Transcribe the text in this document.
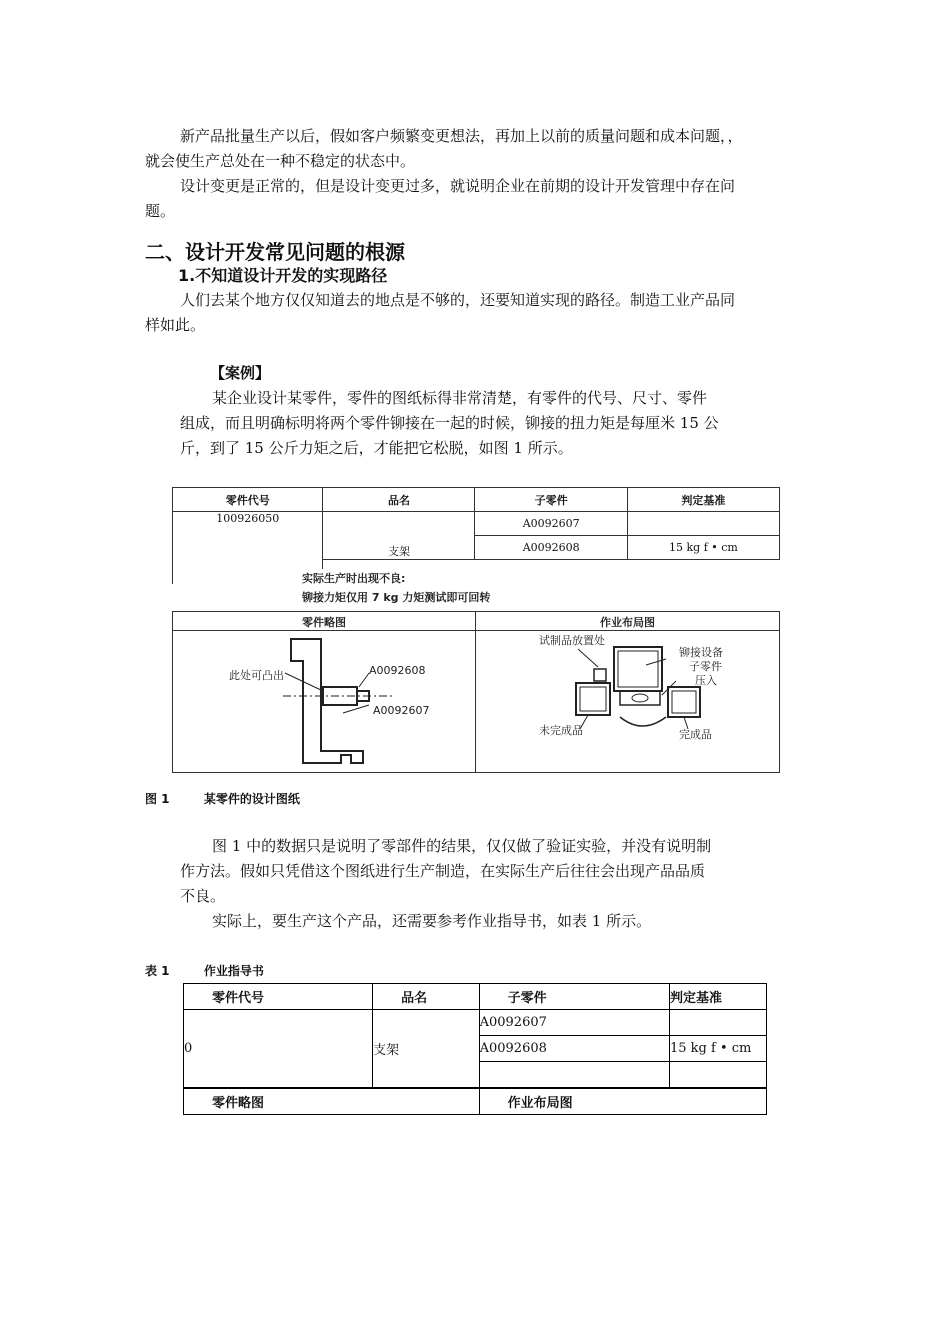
新产品批量生产以后，假如客户频繁变更想法，再加上以前的质量问题和成本问题，，

就会使生产总处在一种不稳定的状态中。

设计变更是正常的，但是设计变更过多，就说明企业在前期的设计开发管理中存在问

题。

二、设计开发常见问题的根源
1.不知道设计开发的实现路径

人们去某个地方仅仅知道去的地点是不够的，还要知道实现的路径。制造工业产品同

样如此。

【案例】

某企业设计某零件，零件的图纸标得非常清楚，有零件的代号、尺寸、零件

组成，而且明确标明将两个零件铆接在一起的时候，铆接的扭力矩是每厘米 15 公

斤，到了 15 公斤力矩之后，才能把它松脱，如图 1 所示。

零件代号	品名	子零件	判定基准
100926050	支架	A0092607	
		A0092608	15 kg f • cm

实际生产时出现不良:
铆接力矩仅用 7 kg 力矩测试即可回转
零件略图	作业布局图
此处可凸出	A0092608
A0092607
试制品放置处
铆接设备
子零件
压入
未完成品	完成品
图 1	某零件的设计图纸

图 1 中的数据只是说明了零部件的结果，仅仅做了验证实验，并没有说明制

作方法。假如只凭借这个图纸进行生产制造，在实际生产后往往会出现产品品质

不良。

实际上，要生产这个产品，还需要参考作业指导书，如表 1 所示。

表 1	作业指导书
零件代号	品名	子零件	判定基准
0	支架	A0092607	
		A0092608	15 kg f • cm

零件略图		作业布局图	
